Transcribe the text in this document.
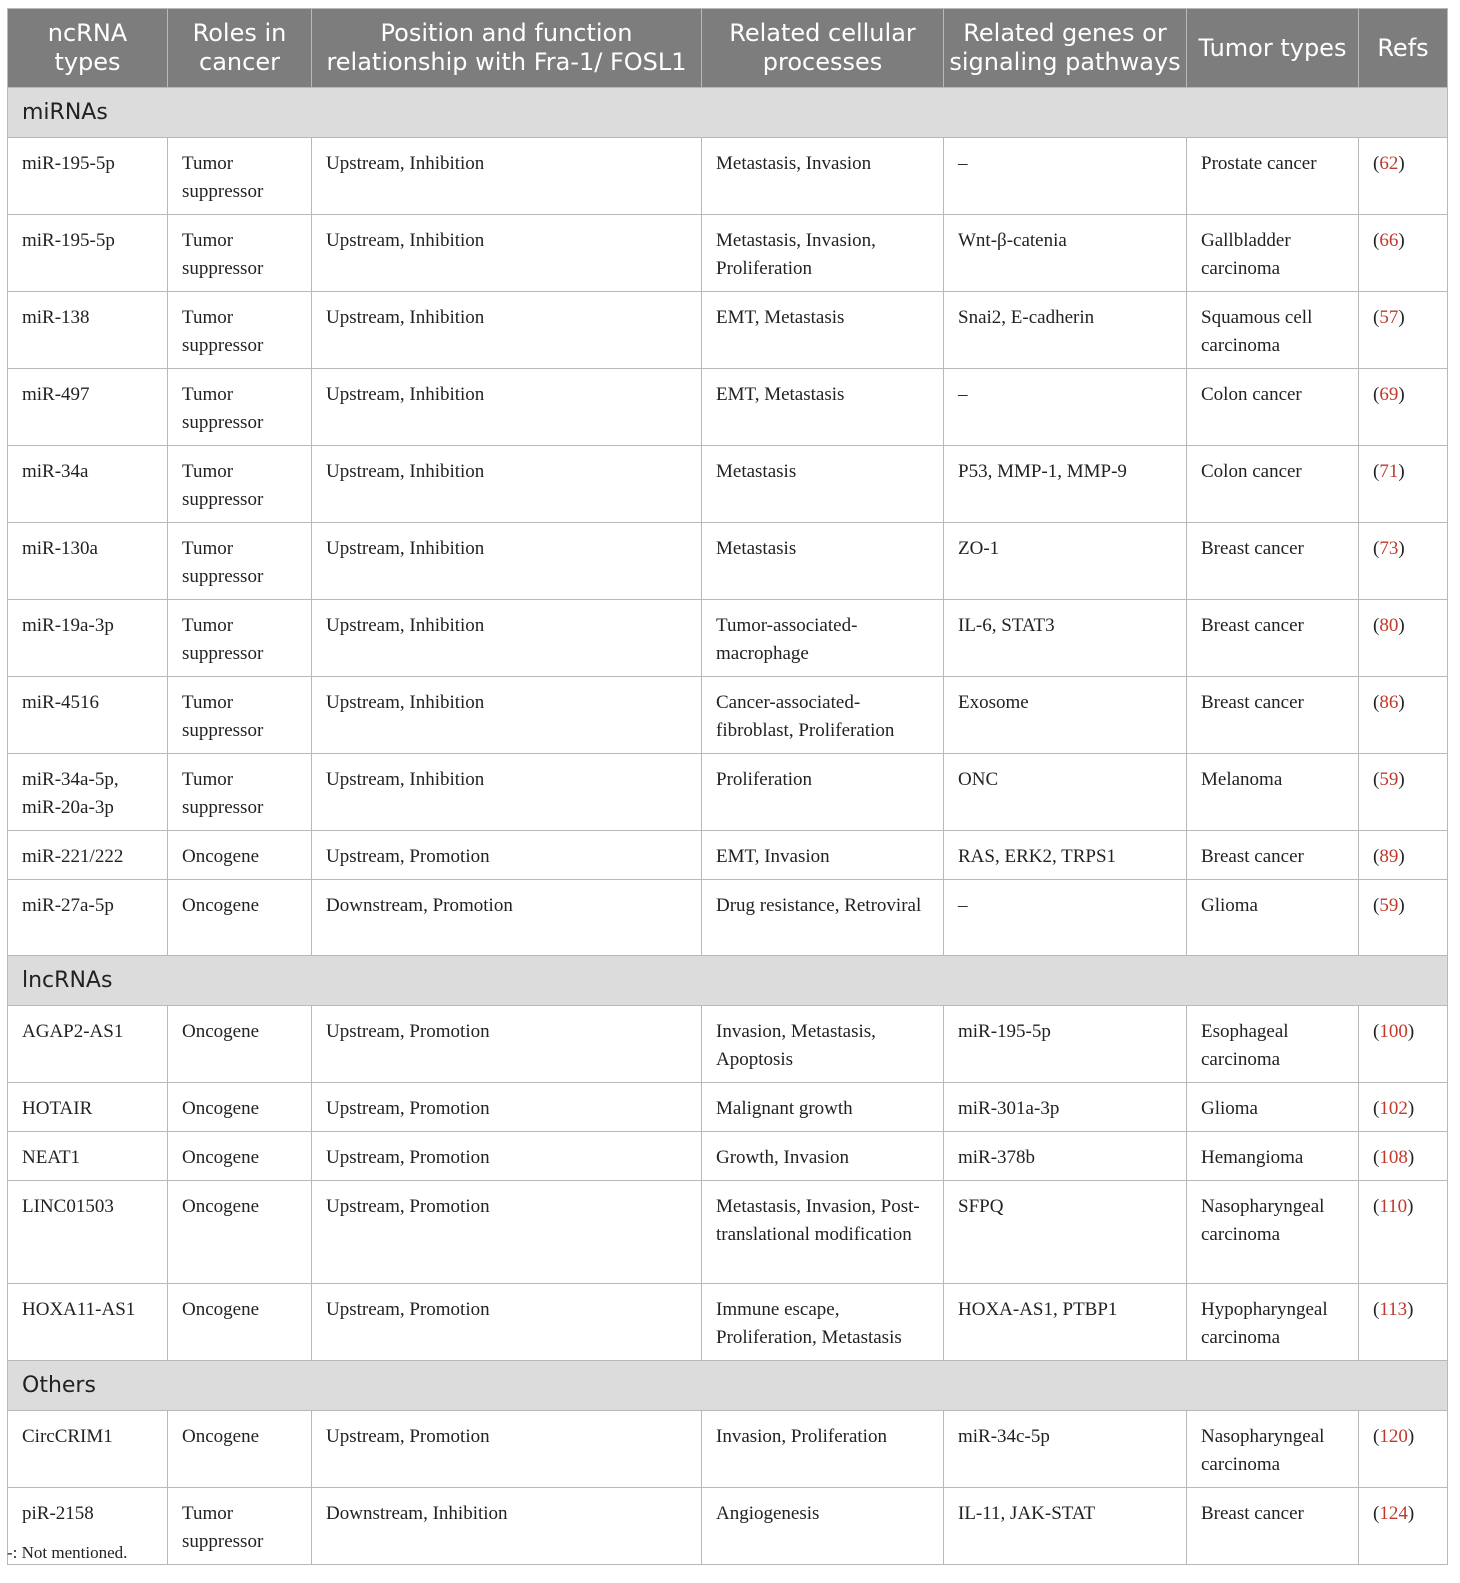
ncRNA types	Roles in cancer	Position and function relationship with Fra-1/ FOSL1	Related cellular processes	Related genes or signaling pathways	Tumor types	Refs
miRNAs						
miR-195-5p	Tumor suppressor	Upstream, Inhibition	Metastasis, Invasion	–	Prostate cancer	(62)
miR-195-5p	Tumor suppressor	Upstream, Inhibition	Metastasis, Invasion, Proliferation	Wnt-β-catenia	Gallbladder carcinoma	(66)
miR-138	Tumor suppressor	Upstream, Inhibition	EMT, Metastasis	Snai2, E-cadherin	Squamous cell carcinoma	(57)
miR-497	Tumor suppressor	Upstream, Inhibition	EMT, Metastasis	–	Colon cancer	(69)
miR-34a	Tumor suppressor	Upstream, Inhibition	Metastasis	P53, MMP-1, MMP-9	Colon cancer	(71)
miR-130a	Tumor suppressor	Upstream, Inhibition	Metastasis	ZO-1	Breast cancer	(73)
miR-19a-3p	Tumor suppressor	Upstream, Inhibition	Tumor-associated-macrophage	IL-6, STAT3	Breast cancer	(80)
miR-4516	Tumor suppressor	Upstream, Inhibition	Cancer-associated-fibroblast, Proliferation	Exosome	Breast cancer	(86)
miR-34a-5p, miR-20a-3p	Tumor suppressor	Upstream, Inhibition	Proliferation	ONC	Melanoma	(59)
miR-221/222	Oncogene	Upstream, Promotion	EMT, Invasion	RAS, ERK2, TRPS1	Breast cancer	(89)
miR-27a-5p	Oncogene	Downstream, Promotion	Drug resistance, Retroviral	–	Glioma	(59)
lncRNAs						
AGAP2-AS1	Oncogene	Upstream, Promotion	Invasion, Metastasis, Apoptosis	miR-195-5p	Esophageal carcinoma	(100)
HOTAIR	Oncogene	Upstream, Promotion	Malignant growth	miR-301a-3p	Glioma	(102)
NEAT1	Oncogene	Upstream, Promotion	Growth, Invasion	miR-378b	Hemangioma	(108)
LINC01503	Oncogene	Upstream, Promotion	Metastasis, Invasion, Post-translational modification	SFPQ	Nasopharyngeal carcinoma	(110)
HOXA11-AS1	Oncogene	Upstream, Promotion	Immune escape, Proliferation, Metastasis	HOXA-AS1, PTBP1	Hypopharyngeal carcinoma	(113)
Others						
CircCRIM1	Oncogene	Upstream, Promotion	Invasion, Proliferation	miR-34c-5p	Nasopharyngeal carcinoma	(120)
piR-2158	Tumor suppressor	Downstream, Inhibition	Angiogenesis	IL-11, JAK-STAT	Breast cancer	(124)
-: Not mentioned.
